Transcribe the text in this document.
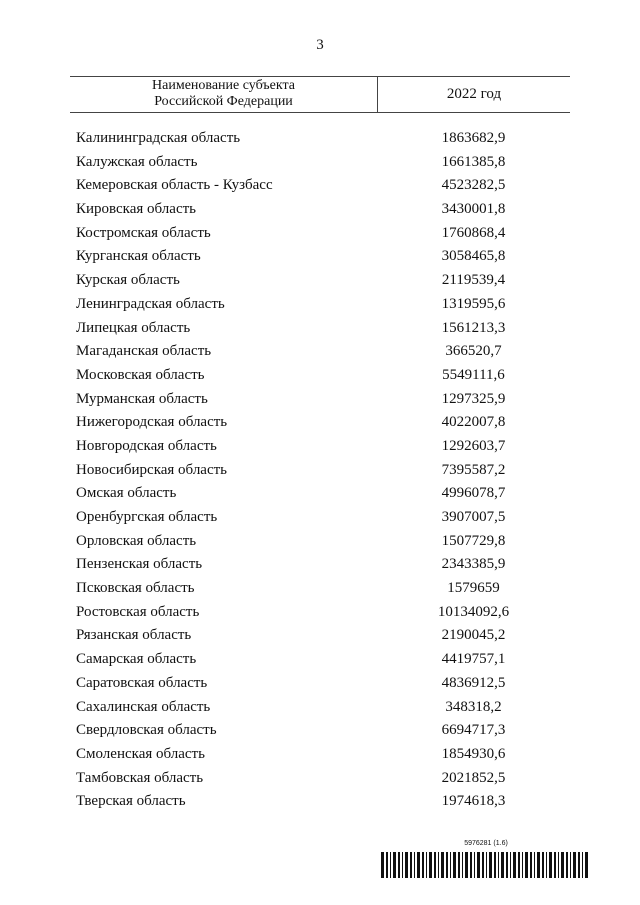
3
Наименование субъекта
Российской Федерации	2022 год
Калининградская область	1863682,9
Калужская область	1661385,8
Кемеровская область - Кузбасс	4523282,5
Кировская область	3430001,8
Костромская область	1760868,4
Курганская область	3058465,8
Курская область	2119539,4
Ленинградская область	1319595,6
Липецкая область	1561213,3
Магаданская область	366520,7
Московская область	5549111,6
Мурманская область	1297325,9
Нижегородская область	4022007,8
Новгородская область	1292603,7
Новосибирская область	7395587,2
Омская область	4996078,7
Оренбургская область	3907007,5
Орловская область	1507729,8
Пензенская область	2343385,9
Псковская область	1579659
Ростовская область	10134092,6
Рязанская область	2190045,2
Самарская область	4419757,1
Саратовская область	4836912,5
Сахалинская область	348318,2
Свердловская область	6694717,3
Смоленская область	1854930,6
Тамбовская область	2021852,5
Тверская область	1974618,3
5976281 (1.6)
